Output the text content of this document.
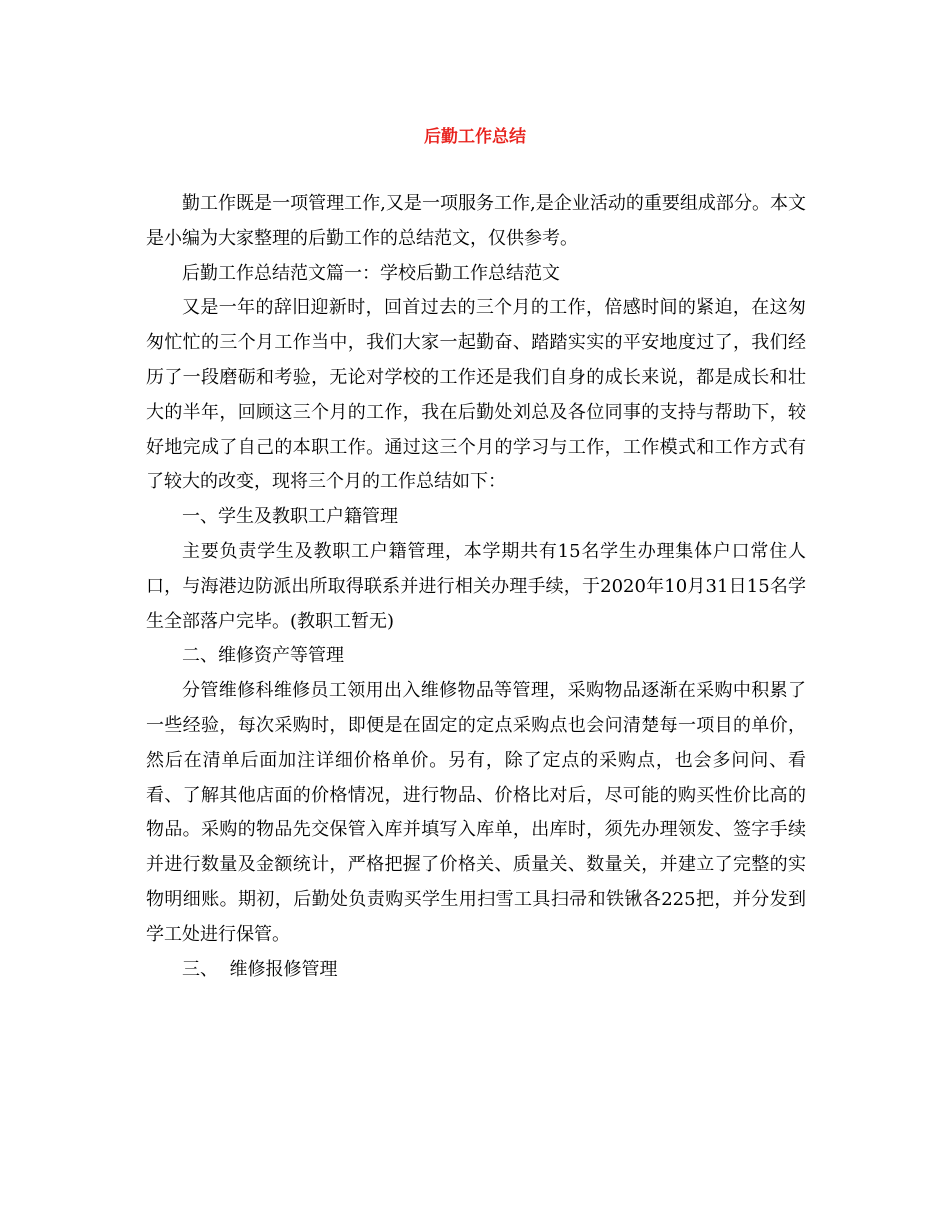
后勤工作总结

勤工作既是一项管理工作,又是一项服务工作,是企业活动的重要组成部分。本文是小编为大家整理的后勤工作的总结范文，仅供参考。

后勤工作总结范文篇一：学校后勤工作总结范文

又是一年的辞旧迎新时，回首过去的三个月的工作，倍感时间的紧迫，在这匆匆忙忙的三个月工作当中，我们大家一起勤奋、踏踏实实的平安地度过了，我们经历了一段磨砺和考验，无论对学校的工作还是我们自身的成长来说，都是成长和壮大的半年，回顾这三个月的工作，我在后勤处刘总及各位同事的支持与帮助下，较好地完成了自己的本职工作。通过这三个月的学习与工作，工作模式和工作方式有了较大的改变，现将三个月的工作总结如下：

一、学生及教职工户籍管理

主要负责学生及教职工户籍管理，本学期共有15名学生办理集体户口常住人口，与海港边防派出所取得联系并进行相关办理手续，于2020年10月31日15名学生全部落户完毕。(教职工暂无)

二、维修资产等管理

分管维修科维修员工领用出入维修物品等管理，采购物品逐渐在采购中积累了一些经验，每次采购时，即便是在固定的定点采购点也会问清楚每一项目的单价，然后在清单后面加注详细价格单价。另有，除了定点的采购点，也会多问问、看看、了解其他店面的价格情况，进行物品、价格比对后，尽可能的购买性价比高的物品。采购的物品先交保管入库并填写入库单，出库时，须先办理领发、签字手续并进行数量及金额统计，严格把握了价格关、质量关、数量关，并建立了完整的实物明细账。期初，后勤处负责购买学生用扫雪工具扫帚和铁锹各225把，并分发到学工处进行保管。

三、  维修报修管理
